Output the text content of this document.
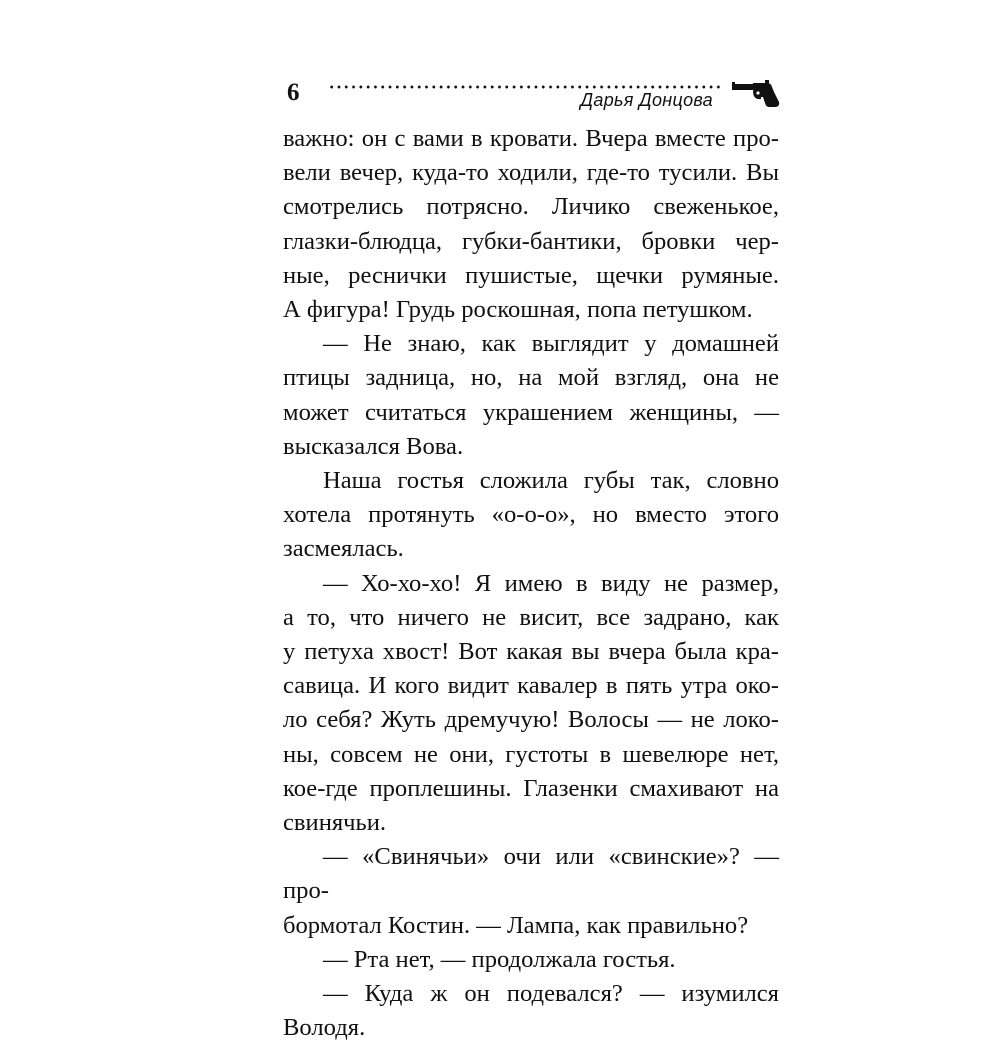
6	Дарья Донцова

важно: он с вами в кровати. Вчера вместе про-

вели вечер, куда-то ходили, где-то тусили. Вы

смотрелись потрясно. Личико свеженькое,

глазки-блюдца, губки-бантики, бровки чер-

ные, реснички пушистые, щечки румяные.

А фигура! Грудь роскошная, попа петушком.

— Не знаю, как выглядит у домашней

птицы задница, но, на мой взгляд, она не

может считаться украшением женщины, —

высказался Вова.

Наша гостья сложила губы так, словно

хотела протянуть «о-о-о», но вместо этого

засмеялась.

— Хо-хо-хо! Я имею в виду не размер,

а то, что ничего не висит, все задрано, как

у петуха хвост! Вот какая вы вчера была кра-

савица. И кого видит кавалер в пять утра око-

ло себя? Жуть дремучую! Волосы — не локо-

ны, совсем не они, густоты в шевелюре нет,

кое-где проплешины. Глазенки смахивают на

свинячьи.

— «Свинячьи» очи или «свинские»? — про-

бормотал Костин. — Лампа, как правильно?

— Рта нет, — продолжала гостья.

— Куда ж он подевался? — изумился

Володя.
